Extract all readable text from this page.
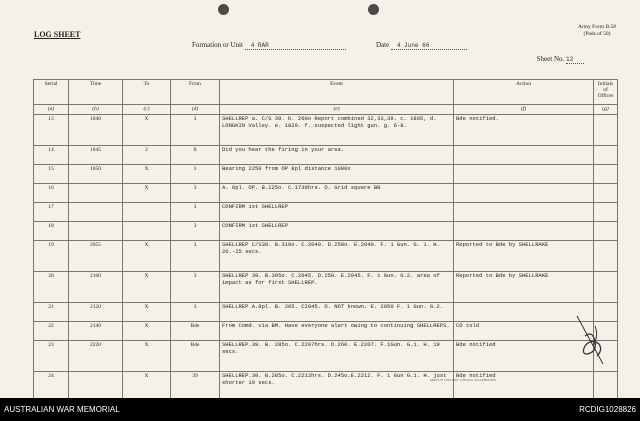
LOG SHEET
Army Form B.58
(Pads of 50)
Formation or Unit 4 RAR	Date 4 June 66
Sheet No. 12
Serial	Time	To	From	Event	Action	Initials of Officer
(a)	(b)	(c)	(d)	(e)	(f)	(g)
13	1840	X	3	SHELLREP a. C/S 39. b. 260o Report combined 32,33,39. c. 1805, d. LONGKIN Valley. e. 1820. f. suspected light gun. g. 6-8.	Bde notified.	
14	1845	2	X	Did you hear the firing in your area.		
15	1850	X	3	Bearing 2250 from OP 8pl distance 1000x		
16		X	3	A. 8pl. OP. B.225o. C.1730hrs. D. Grid square BB		
17			3	CONFIRM 1st SHELLREP		
18			3	CONFIRM 1st SHELLREP		
19	2055	X	3	SHELLREP C/S39. B.310o. C.2040. D.250o. E.2040. F. 1 Gun. G. 1. H. 20.-25 secs.	Reported to Bde by SHELLRAKE	
20	2100	X	3	SHELLREP 39. B.305o. C.2045. D.250. E.2045. F. 1 Gun. G.2. area of impact as for first SHELLREP.	Reported to Bde by SHELLRAKE	
21	2120	X	3	SHELLREP A.8pl. B. 205. C2045. D. NOT known. E. 2050 F. 1 Gun. G.2.		
22	2140	X	Bde	From Comd. via BM. Have everyone alert owing to continuing SHELLREPS.	CO told	
23	2220	X	Bde	SHELLREP.39. B. 285o. C.2207hrs. D.260. E.2207. F.1Gun. G.1. H. 19 secs.	Bde notified	
24		X	39	SHELLREP.39. B.285o. C.2212hrs. D.245o.E.2212. F. 1 Gun G.1. H. just shorter 19 secs.	Bde notified	
M82/178 1394 5997 1/38 Pads 4214 PHIS 883
AUSTRALIAN WAR MEMORIAL	RCDIG1028826
